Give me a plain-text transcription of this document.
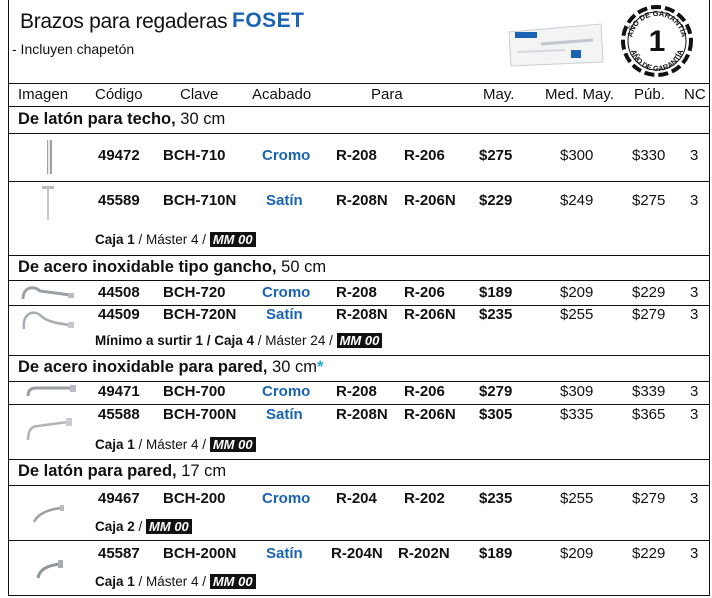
Brazos para regaderas FOSET
- Incluyen chapetón
AÑO DE GARANTÍA
1
AÑO DE GARANTÍA
Imagen Código Clave Acabado	Para	May. Med. May. Púb. NC
De latón para techo, 30 cm
49472 BCH-710 Cromo R-208 R-206 $275	$300	$330 3
45589 BCH-710N Satín R-208N R-206N $229	$249	$275 3
Caja 1 / Máster 4 / MM 00
De acero inoxidable tipo gancho, 50 cm
44508 BCH-720 Cromo R-208 R-206 $189	$209	$229 3
44509 BCH-720N Satín R-208N R-206N $235	$255	$279 3
Mínimo a surtir 1 / Caja 4 / Máster 24 / MM 00
De acero inoxidable para pared, 30 cm*
49471 BCH-700 Cromo R-208 R-206 $279	$309	$339 3
45588 BCH-700N Satín R-208N R-206N $305	$335	$365 3
Caja 1 / Máster 4 / MM 00
De latón para pared, 17 cm
49467 BCH-200 Cromo R-204 R-202 $235	$255	$279 3
Caja 2 / MM 00
45587 BCH-200N Satín R-204N R-202N $189	$209	$229 3
Caja 1 / Máster 4 / MM 00
